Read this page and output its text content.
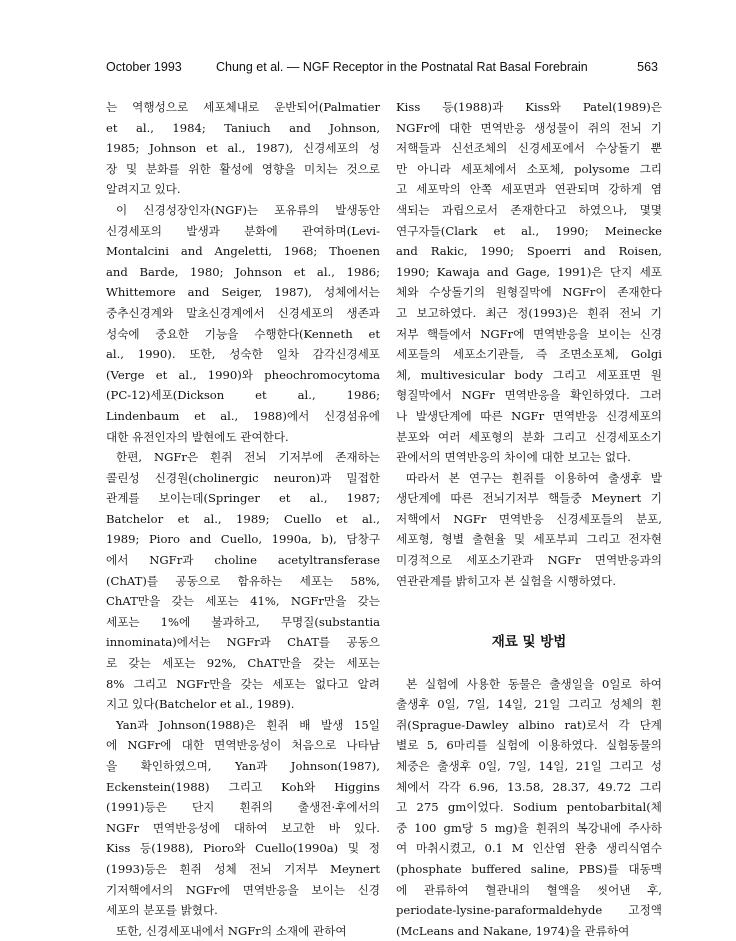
October 1993	Chung et al. — NGF Receptor in the Postnatal Rat Basal Forebrain	563
는 역행성으로 세포체내로 운반되어(Palmatier
et al., 1984; Taniuch and Johnson,
1985; Johnson et al., 1987), 신경세포의 성
장 및 분화를 위한 활성에 영향을 미치는 것으로
알려지고 있다.
이 신경성장인자(NGF)는 포유류의 발생동안
신경세포의 발생과 분화에 관여하며(Levi-
Montalcini and Angeletti, 1968; Thoenen
and Barde, 1980; Johnson et al., 1986;
Whittemore and Seiger, 1987), 성체에서는
중추신경계와 말초신경계에서 신경세포의 생존과
성숙에 중요한 기능을 수행한다(Kenneth et
al., 1990). 또한, 성숙한 일차 감각신경세포
(Verge et al., 1990)와 pheochromocytoma
(PC-12)세포(Dickson et al., 1986;
Lindenbaum et al., 1988)에서 신경섬유에
대한 유전인자의 발현에도 관여한다.
한편, NGFr은 흰쥐 전뇌 기저부에 존재하는
콜린성 신경원(cholinergic neuron)과 밀접한
관계를 보이는데(Springer et al., 1987;
Batchelor et al., 1989; Cuello et al.,
1989; Pioro and Cuello, 1990a, b), 담창구
에서 NGFr과 choline acetyltransferase
(ChAT)를 공동으로 함유하는 세포는 58%,
ChAT만을 갖는 세포는 41%, NGFr만을 갖는
세포는 1%에 불과하고, 무명질(substantia
innominata)에서는 NGFr과 ChAT를 공동으
로 갖는 세포는 92%, ChAT만을 갖는 세포는
8% 그리고 NGFr만을 갖는 세포는 없다고 알려
지고 있다(Batchelor et al., 1989).
Yan과 Johnson(1988)은 흰쥐 배 발생 15일
에 NGFr에 대한 면역반응성이 처음으로 나타남
을 확인하였으며, Yan과 Johnson(1987),
Eckenstein(1988) 그리고 Koh와 Higgins
(1991)등은 단지 흰쥐의 출생전·후에서의
NGFr 면역반응성에 대하여 보고한 바 있다.
Kiss 등(1988), Pioro와 Cuello(1990a) 및 정
(1993)등은 흰쥐 성체 전뇌 기저부 Meynert
기저핵에서의 NGFr에 면역반응을 보이는 신경
세포의 분포를 밝혔다.
또한, 신경세포내에서 NGFr의 소재에 관하여
Kiss 등(1988)과 Kiss와 Patel(1989)은
NGFr에 대한 면역반응 생성물이 쥐의 전뇌 기
저핵들과 신선조체의 신경세포에서 수상돌기 뿐
만 아니라 세포체에서 소포체, polysome 그리
고 세포막의 안쪽 세포면과 연관되며 강하게 염
색되는 과립으로서 존재한다고 하였으나, 몇몇
연구자들(Clark et al., 1990; Meinecke
and Rakic, 1990; Spoerri and Roisen,
1990; Kawaja and Gage, 1991)은 단지 세포
체와 수상돌기의 원형질막에 NGFr이 존재한다
고 보고하였다. 최근 정(1993)은 흰쥐 전뇌 기
저부 핵들에서 NGFr에 면역반응을 보이는 신경
세포들의 세포소기관들, 즉 조면소포체, Golgi
체, multivesicular body 그리고 세포표면 원
형질막에서 NGFr 면역반응을 확인하였다. 그러
나 발생단계에 따른 NGFr 면역반응 신경세포의
분포와 여러 세포형의 분화 그리고 신경세포소기
관에서의 면역반응의 차이에 대한 보고는 없다.
따라서 본 연구는 흰쥐를 이용하여 출생후 발
생단계에 따른 전뇌기저부 핵들중 Meynert 기
저핵에서 NGFr 면역반응 신경세포들의 분포,
세포형, 형별 출현율 및 세포부피 그리고 전자현
미경적으로 세포소기관과 NGFr 면역반응과의
연관관계를 밝히고자 본 실험을 시행하였다.
재료 및 방법
본 실험에 사용한 동물은 출생일을 0일로 하여
출생후 0일, 7일, 14일, 21일 그리고 성체의 흰
쥐(Sprague-Dawley albino rat)로서 각 단계
별로 5, 6마리를 실험에 이용하였다. 실험동물의
체중은 출생후 0일, 7일, 14일, 21일 그리고 성
체에서 각각 6.96, 13.58, 28.37, 49.72 그리
고 275 gm이었다. Sodium pentobarbital(체
중 100 gm당 5 mg)을 흰쥐의 복강내에 주사하
여 마취시켰고, 0.1 M 인산염 완충 생리식염수
(phosphate buffered saline, PBS)를 대동맥
에 관류하여 혈관내의 혈액을 씻어낸 후,
periodate-lysine-paraformaldehyde 고정액
(McLeans and Nakane, 1974)을 관류하여
